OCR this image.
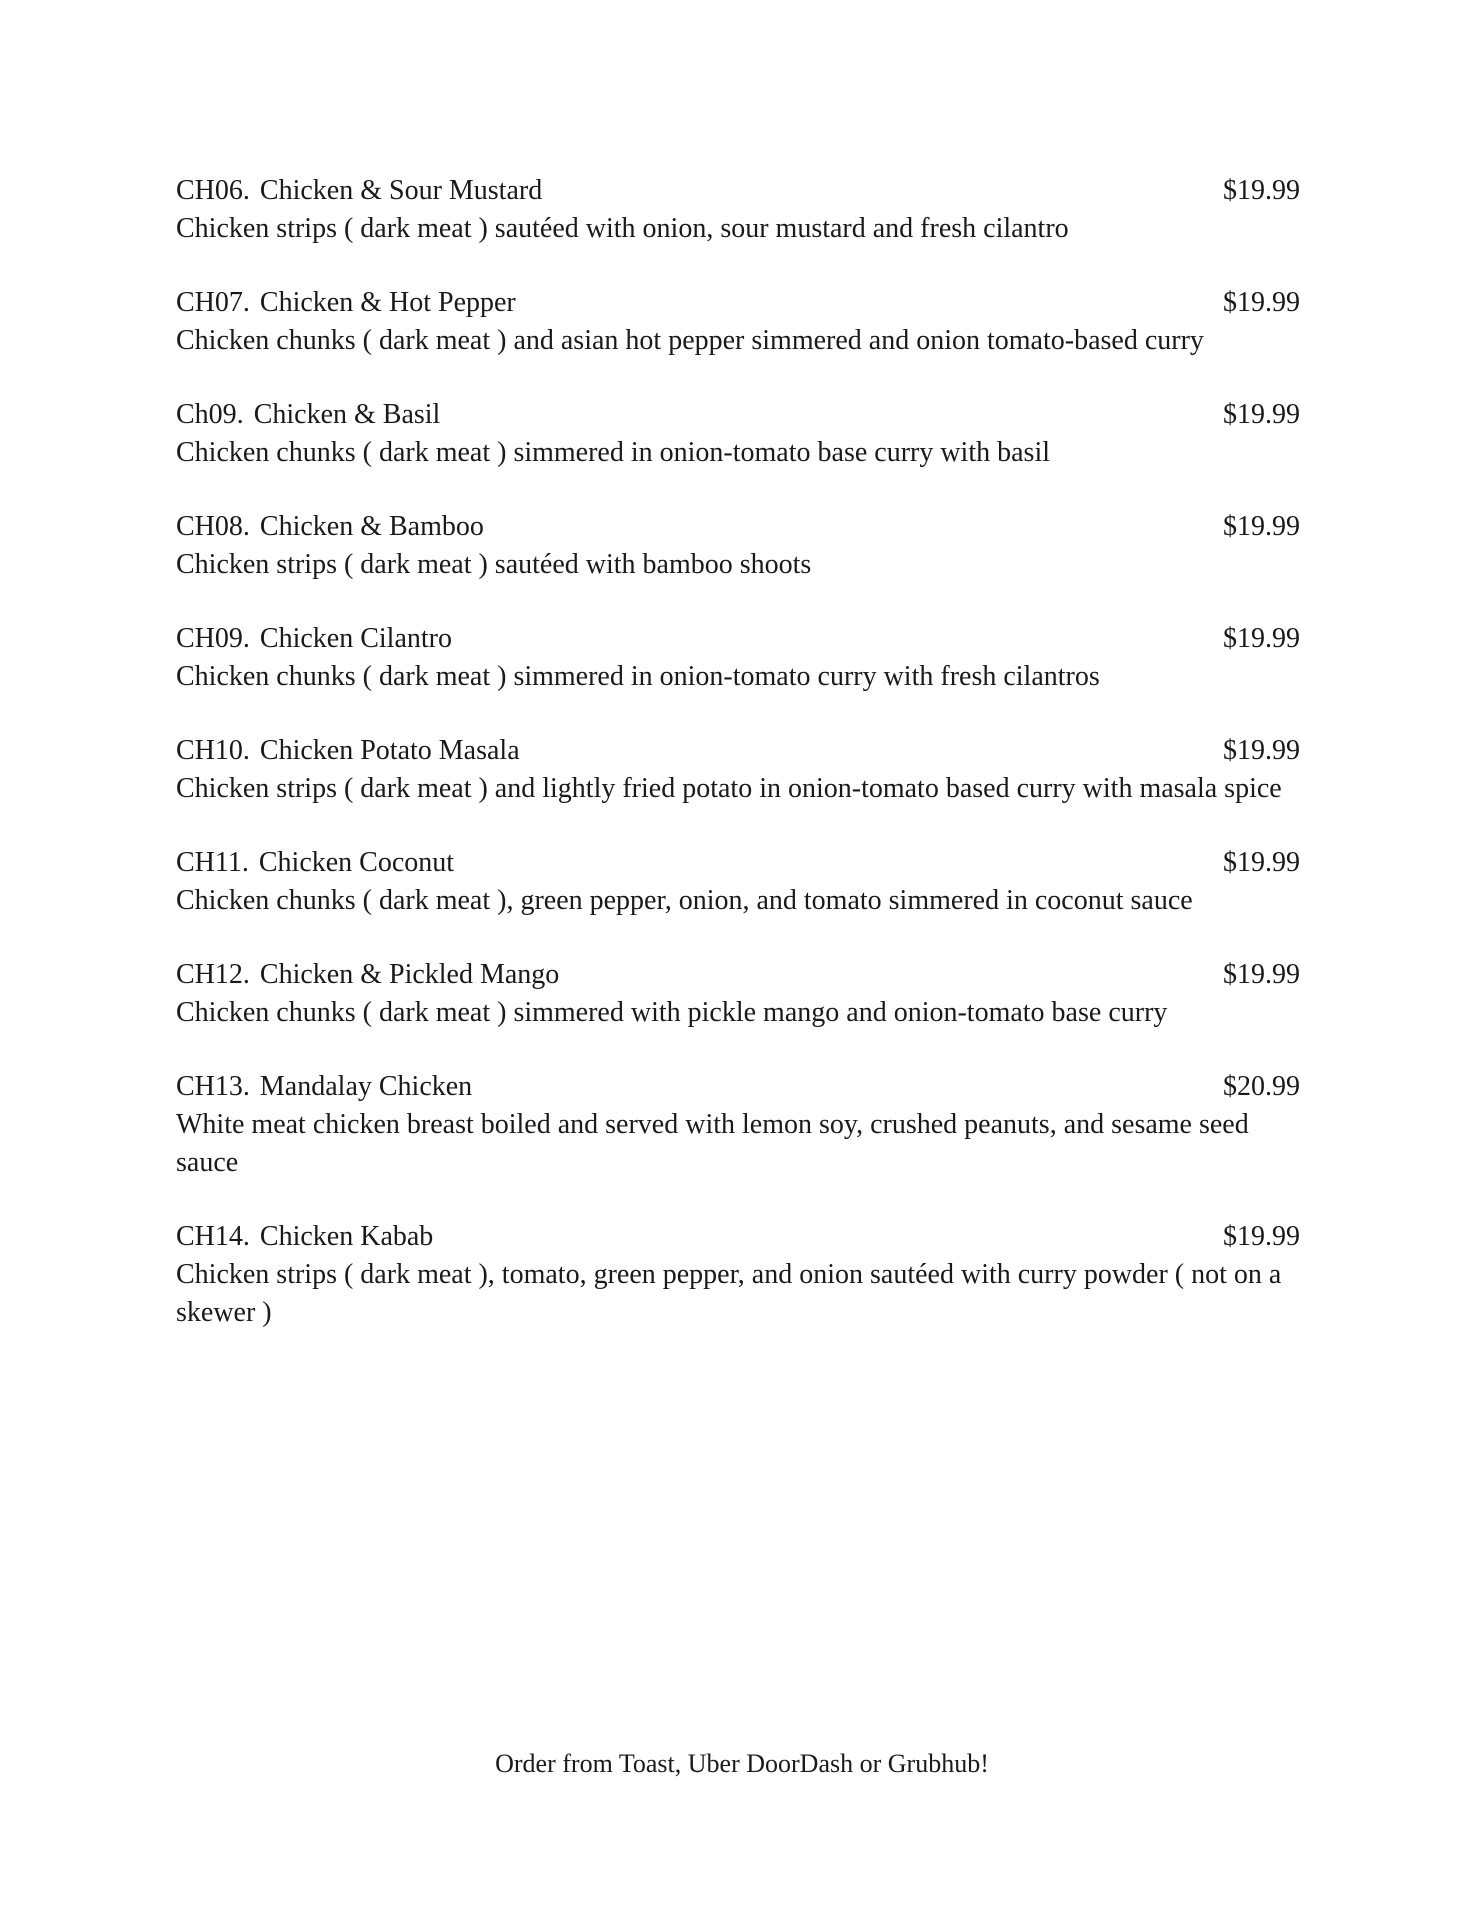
CH06. Chicken & Sour Mustard	$19.99

Chicken strips ( dark meat ) sautéed with onion, sour mustard and fresh cilantro

CH07. Chicken & Hot Pepper	$19.99

Chicken chunks ( dark meat ) and asian hot pepper simmered and onion tomato-based curry

Ch09. Chicken & Basil	$19.99

Chicken chunks ( dark meat ) simmered in onion-tomato base curry with basil

CH08. Chicken & Bamboo	$19.99

Chicken strips ( dark meat ) sautéed with bamboo shoots

CH09. Chicken Cilantro	$19.99

Chicken chunks ( dark meat ) simmered in onion-tomato curry with fresh cilantros

CH10. Chicken Potato Masala	$19.99

Chicken strips ( dark meat ) and lightly fried potato in onion-tomato based curry with masala spice

CH11. Chicken Coconut	$19.99

Chicken chunks ( dark meat ), green pepper, onion, and tomato simmered in coconut sauce

CH12. Chicken & Pickled Mango	$19.99

Chicken chunks ( dark meat ) simmered with pickle mango and onion-tomato base curry

CH13. Mandalay Chicken	$20.99

White meat chicken breast boiled and served with lemon soy, crushed peanuts, and sesame seed sauce

CH14. Chicken Kabab	$19.99

Chicken strips ( dark meat ), tomato, green pepper, and onion sautéed with curry powder ( not on a skewer )

Order from Toast, Uber DoorDash or Grubhub!
